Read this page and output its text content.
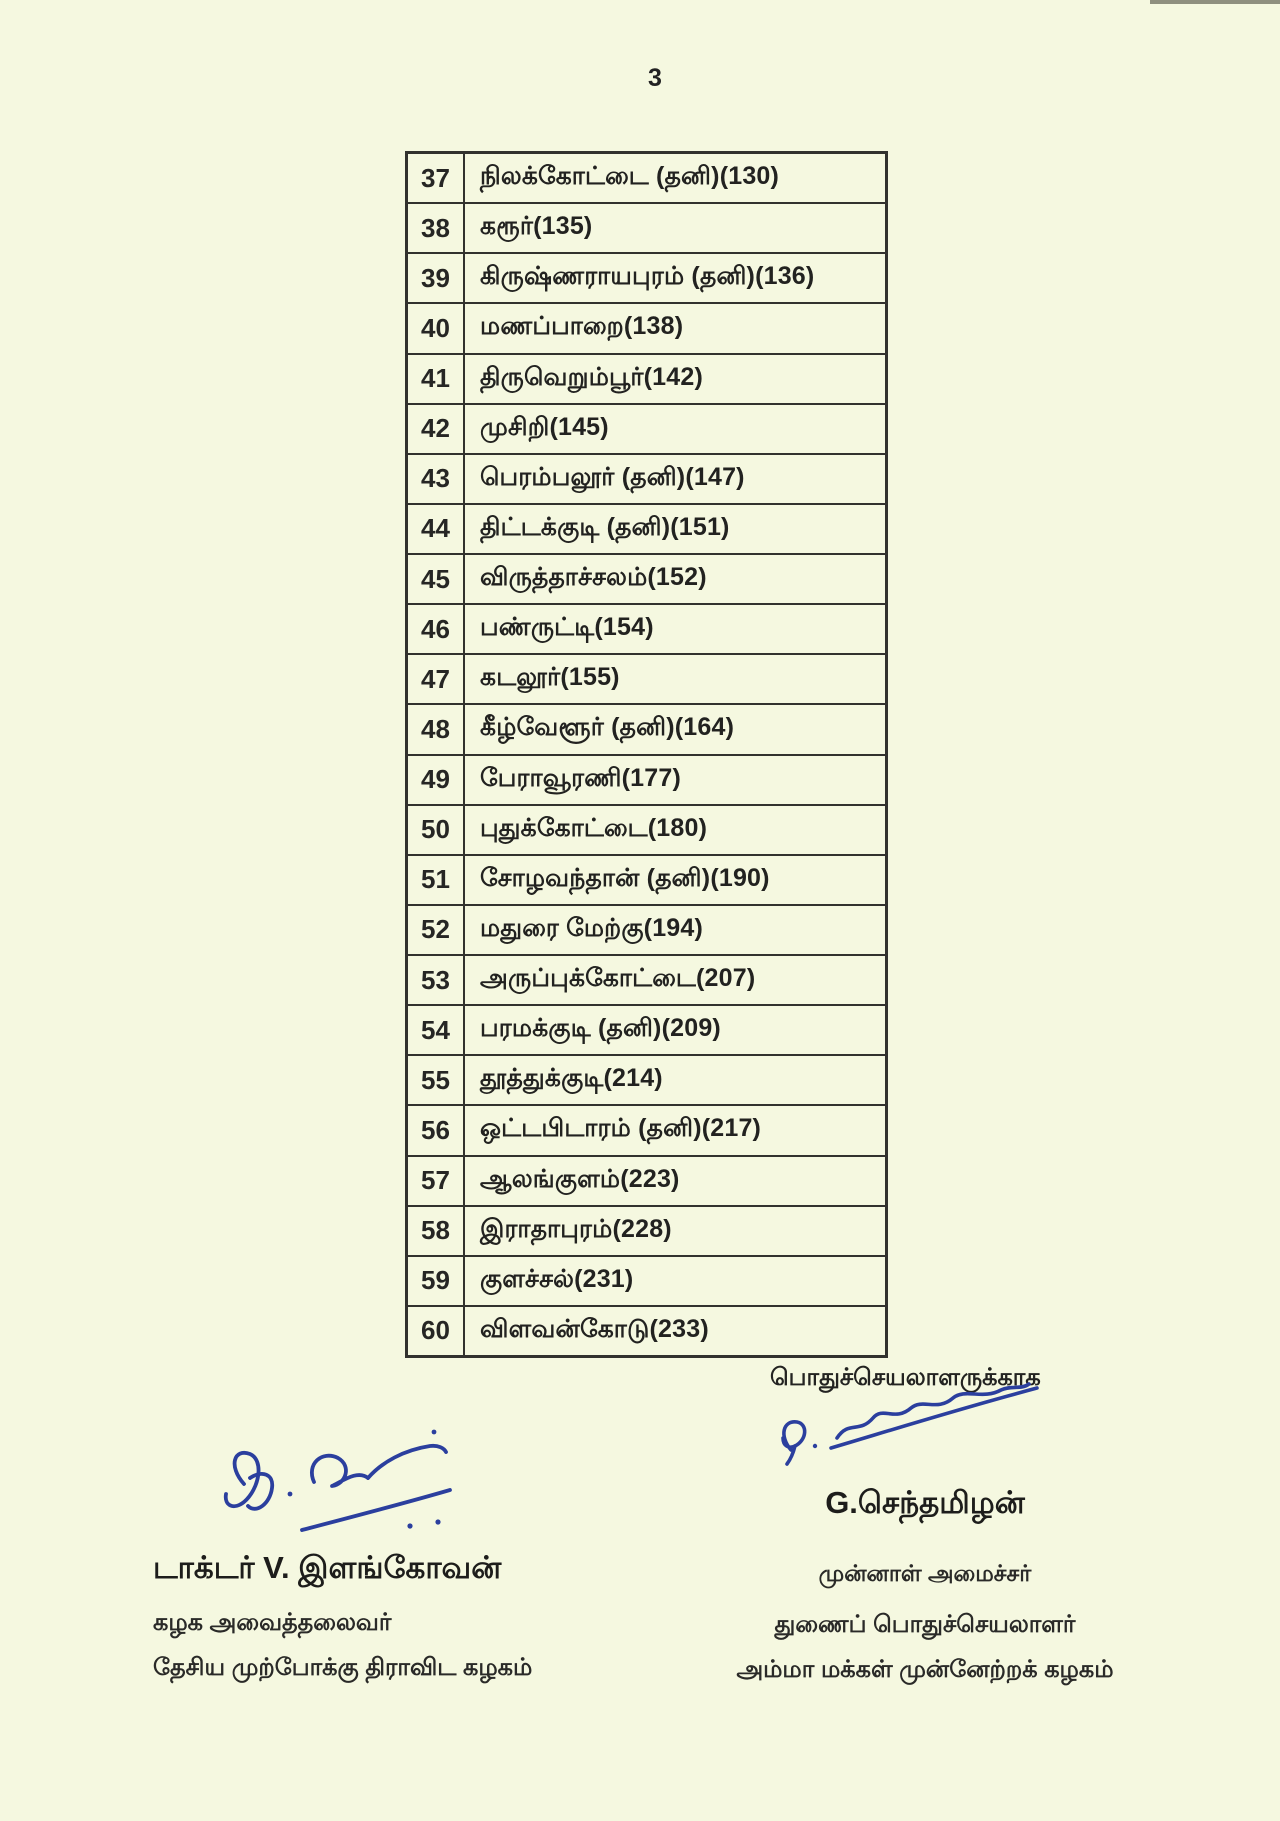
3
37	நிலக்கோட்டை (தனி)(130)
38	கரூர்(135)
39	கிருஷ்ணராயபுரம் (தனி)(136)
40	மணப்பாறை(138)
41	திருவெறும்பூர்(142)
42	முசிறி(145)
43	பெரம்பலூர் (தனி)(147)
44	திட்டக்குடி (தனி)(151)
45	விருத்தாச்சலம்(152)
46	பண்ருட்டி(154)
47	கடலூர்(155)
48	கீழ்வேளூர் (தனி)(164)
49	பேராவூரணி(177)
50	புதுக்கோட்டை(180)
51	சோழவந்தான் (தனி)(190)
52	மதுரை மேற்கு(194)
53	அருப்புக்கோட்டை(207)
54	பரமக்குடி (தனி)(209)
55	தூத்துக்குடி(214)
56	ஒட்டபிடாரம் (தனி)(217)
57	ஆலங்குளம்(223)
58	இராதாபுரம்(228)
59	குளச்சல்(231)
60	விளவன்கோடு(233)
பொதுச்செயலாளருக்காக
G.செந்தமிழன்
முன்னாள் அமைச்சர்
துணைப் பொதுச்செயலாளர்
அம்மா மக்கள் முன்னேற்றக் கழகம்
டாக்டர் V. இளங்கோவன்
கழக அவைத்தலைவர்
தேசிய முற்போக்கு திராவிட கழகம்
